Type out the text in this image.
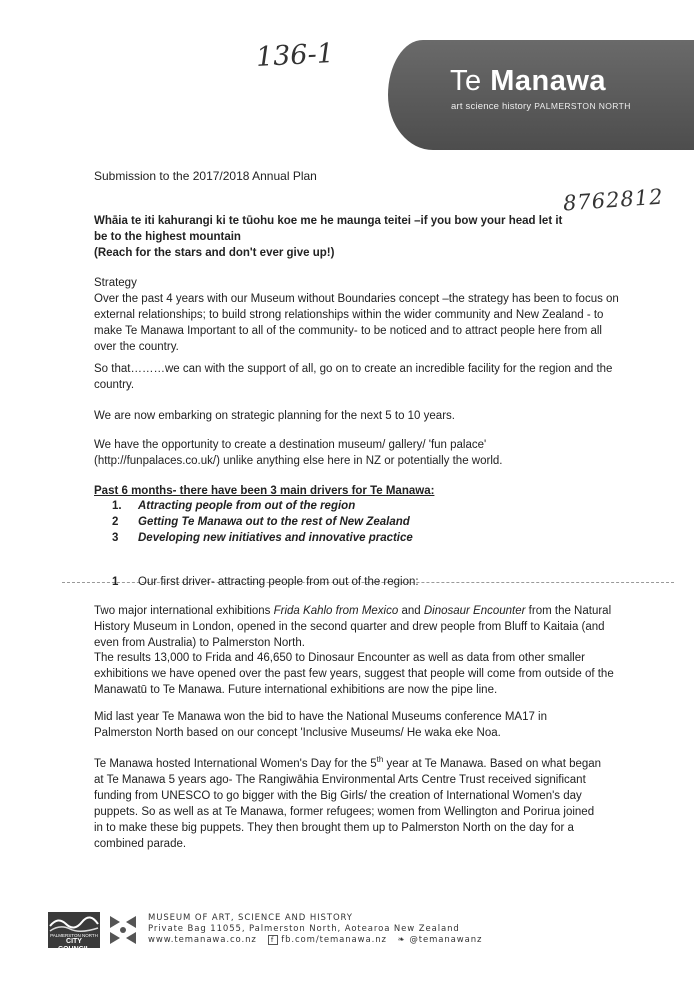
136-1
8762812
Te Manawa
art science history PALMERSTON NORTH
Submission to the 2017/2018 Annual Plan
Whāia te iti kahurangi ki te tūohu koe me he maunga teitei –if you bow your head let it be to the highest mountain
(Reach for the stars and don't ever give up!)
Strategy
Over the past 4 years with our Museum without Boundaries concept –the strategy has been to focus on external relationships; to build strong relationships within the wider community and New Zealand - to make Te Manawa Important to all of the community- to be noticed and to attract people here from all over the country.
So that………we can with the support of all, go on to create an incredible facility for the region and the country.
We are now embarking on strategic planning for the next 5 to 10 years.
We have the opportunity to create a destination museum/ gallery/ 'fun palace' (http://funpalaces.co.uk/) unlike anything else here in NZ or potentially the world.
Past 6 months- there have been 3 main drivers for Te Manawa:
1. Attracting people from out of the region
2 Getting Te Manawa out to the rest of New Zealand
3 Developing new initiatives and innovative practice
1 Our first driver- attracting people from out of the region:
Two major international exhibitions Frida Kahlo from Mexico and Dinosaur Encounter from the Natural History Museum in London, opened in the second quarter and drew people from Bluff to Kaitaia (and even from Australia) to Palmerston North.
The results 13,000 to Frida and 46,650 to Dinosaur Encounter as well as data from other smaller exhibitions we have opened over the past few years, suggest that people will come from outside of the Manawatū to Te Manawa. Future international exhibitions are now the pipe line.
Mid last year Te Manawa won the bid to have the National Museums conference MA17 in Palmerston North based on our concept 'Inclusive Museums/ He waka eke Noa.
Te Manawa hosted International Women's Day for the 5th year at Te Manawa. Based on what began at Te Manawa 5 years ago- The Rangiwāhia Environmental Arts Centre Trust received significant funding from UNESCO to go bigger with the Big Girls/ the creation of International Women's day puppets. So as well as at Te Manawa, former refugees; women from Wellington and Porirua joined in to make these big puppets. They then brought them up to Palmerston North on the day for a combined parade.
PALMERSTON NORTH
CITY COUNCIL
MUSEUM OF ART, SCIENCE AND HISTORY
Private Bag 11055, Palmerston North, Aotearoa New Zealand
www.temanawa.co.nz f fb.com/temanawa.nz ❧ @temanawanz
